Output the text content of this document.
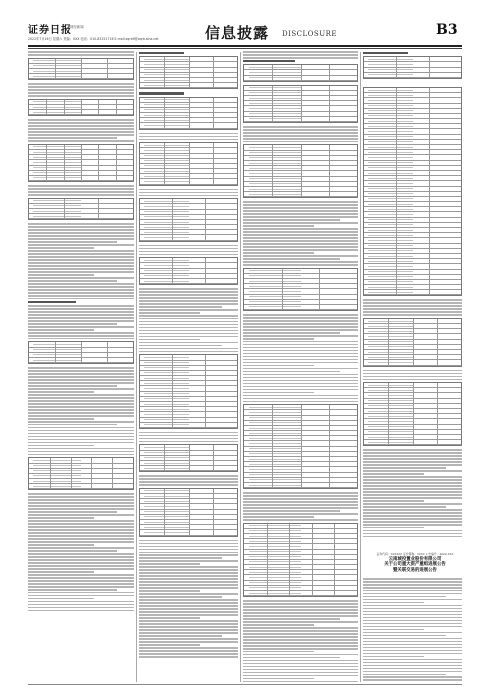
证券日报
财经新闻
2022年7月16日 星期六 责编：XXX 电话：010-83251716 E-mail:zqrb9@zqrb.sina.net	信息披露 DISCLOSURE	B3
证券代码：XXXXXX 证券简称：XXXX 公告编号：2022-XXX
云南城投置业股份有限公司
关于公司重大资产重组进展公告
暨关联交易的进展公告
